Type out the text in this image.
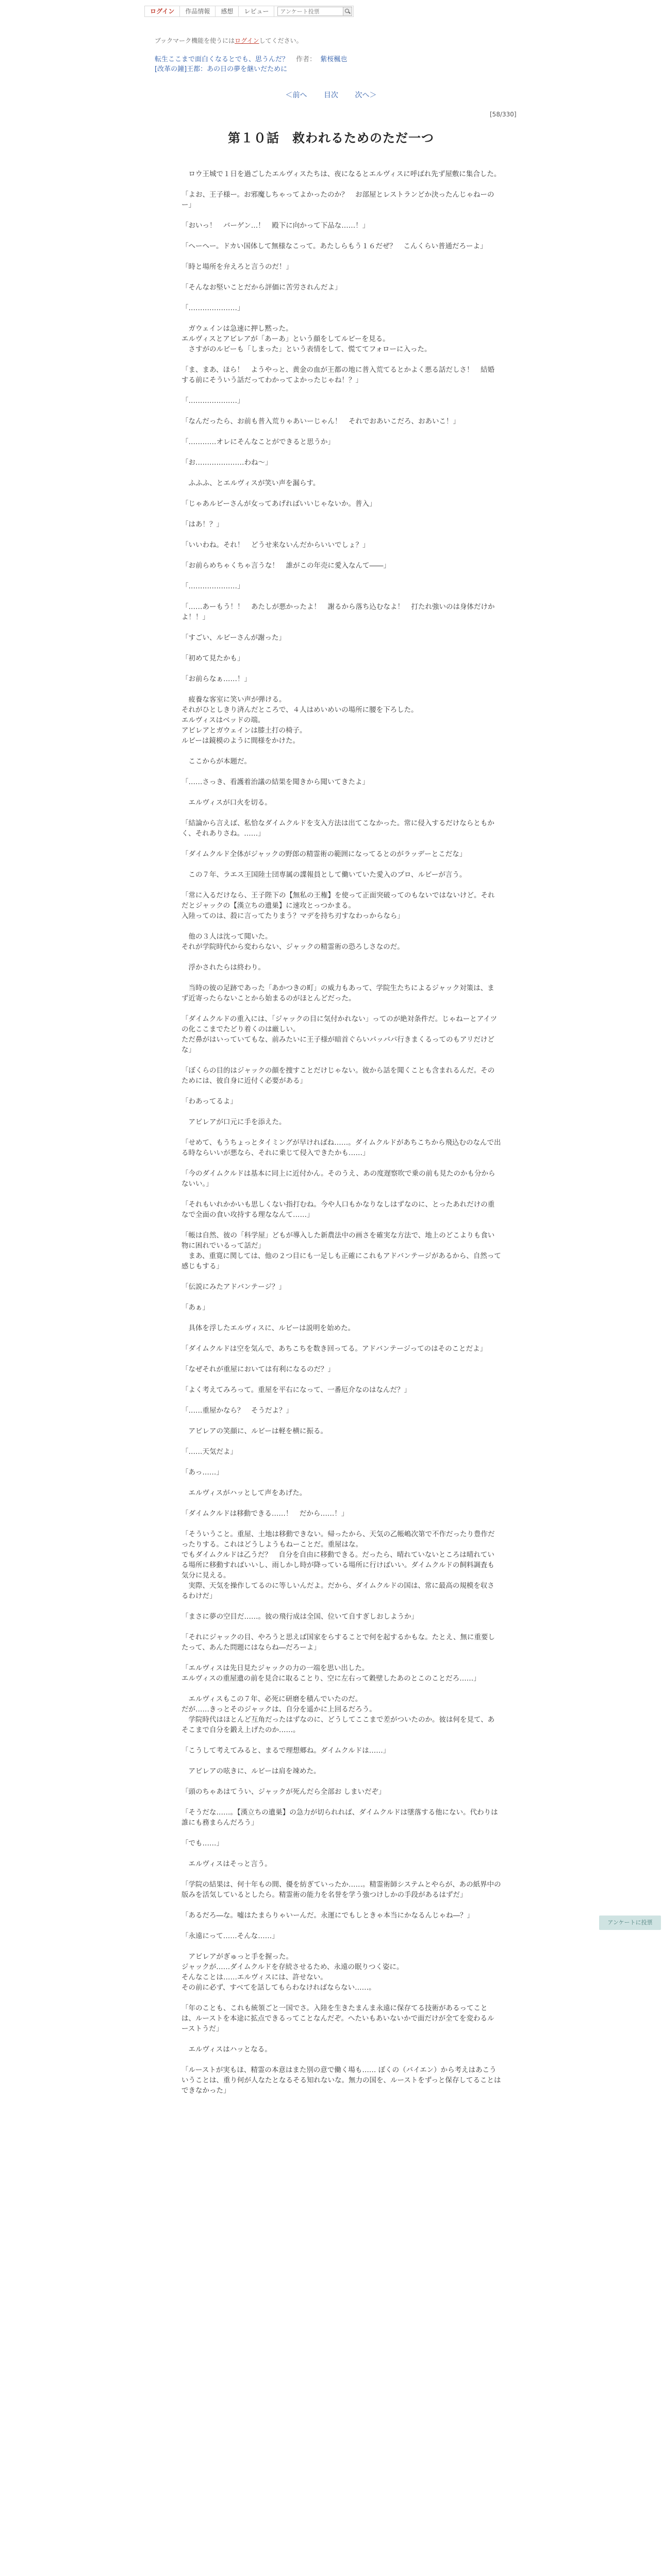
ログイン	作品情報	感想	レビュー
アンケート投票
ブックマーク機能を使うにはログインしてください。
転生ここまで面白くなるとでも、思うんだ？ 作者： 紫桜楓也
[改革の鐘]王都：あの日の夢を継いだために
＜前へ 目次 次へ＞
[58/330]
第１０話　救われるためのただ一つ

　ロウ王城で１日を過ごしたエルヴィスたちは、夜になるとエルヴィスに呼ばれ先ず屋敷に集合した。

「よお、王子様ー。お邪魔しちゃってよかったのか？　お部屋とレストランどか決ったんじゃねーのー」

「おいっ！　バーゲン…！　殿下に向かって下品な……！」

「へーへー。ドカい国体して無様なこって。あたしらもう１６だぜ？　こんくらい普通だろーよ」

「時と場所を弁えろと言うのだ！」

「そんなお堅いことだから評価に苦労されんだよ」

「…………………」

　ガウェインは急速に押し黙った。
エルヴィスとアビレアが「あーあ」という顔をしてルビーを見る。
　さすがのルビーも「しまった」という表情をして、慌ててフォローに入った。

「ま、まあ、ほら！　ようやっと、黄金の血が王都の地に普入荒てるとかよく悪る話だしさ！　結婚する前にそういう話だってわかってよかったじゃね！？」

「…………………」

「なんだったら、お前も普入荒りゃあいーじゃん！　それでおあいこだろ、おあいこ！」

「…………オレにそんなことができると思うか」

「お…………………わね～」

　ふふふ、とエルヴィスが笑い声を漏らす。

「じゃあルビーさんが女ってあげればいいじゃないか。普入」

「はあ！？」

「いいわね。それ！　どうせ来ないんだからいいでしょ？」

「お前らめちゃくちゃ言うな！　誰がこの年売に愛入なんて――」

「…………………」

「……あーもう！！　あたしが悪かったよ！　謝るから落ち込むなよ！　打たれ強いのは身体だけかよ！！」

「すごい、ルビーさんが謝った」

「初めて見たかも」

「お前らなぁ……！」

　疲養な客室に笑い声が弾ける。
それがひとしきり済んだところで、４人はめいめいの場所に腰を下ろした。
エルヴィスはベッドの端。
アビレアとガウェインは膝土打の椅子。
ルビーは鏡模のように間様をかけた。

　ここからが本題だ。

「……さっき、看護着治議の結果を聞きから聞いてきたよ」

　エルヴィスが口火を切る。

「結論から言えば、私恰なダイムクルドを支入方法は出てこなかった。常に侵入するだけならともかく、それありさね。……」

「ダイムクルド全体がジャックの野郎の精霊術の範囲になってるとのがラッデーとこだな」

　この７年、ラエス王国陸士団専属の諜報員として働いていた愛入のプロ、ルビーが言う。

「常に入るだけなら、王子陛下の【無私の王権】を使って正面突破ってのもないではないけど。それだとジャックの【漢立ちの遺巣】に速攻とっつかまる。
入陸ってのは、殺に言ってたりまう？マデを持ち刃すなわっからなら」

　他の３人は沈って聞いた。
それが学院時代から変わらない、ジャックの精霊術の恐ろしさなのだ。

　浮かされたらは終わり。

　当時の彼の足跡であった「あかつきの町」の威力もあって、学院生たちによるジャック対策は、まず近寄ったらないことから始まるのがほとんどだった。

「ダイムクルドの重入には、「ジャックの目に気付かれない」ってのが絶対条件だ。じゃねーとアイツの化ここまでたどり着くのは厳しい。
ただ鼻がはいっていてもな、前みたいに王子様が暗首ぐらいパッパパ行きまくるってのもアリだけどな」

「ぼくらの目的はジャックの顔を捜すことだけじゃない。彼から話を聞くことも含まれるんだ。そのためには、彼自身に近付く必要がある」

「わあってるよ」

　アビレアが口元に手を添えた。

「せめて、もうちょっとタイミングが早ければね……。ダイムクルドがあちこちから飛込むのなんで出る時ならいいが悪なら、それに乗じて侵入できたかも……」

「今のダイムクルドは基本に同上に近付かん。そのうえ、あの度遅察吹で乗の前も見たのかも分からないい。」

「それもいれかかいも思しくない指打むね。今や人口もかなりなしはずなのに、とったあれだけの重なで全面の食い攻持する理ななんて……」

「帳は自然、彼の「科学屋」どもが導入した新農法中の画さを確実な方法で、地上のどこよりも食い物に困れでいるって話だ」
　まあ、重寛に関しては、他の２つ目にも一足しも正確にこれもアドバンテージがあるから、自然って感じもする」

「伝説にみたアドバンテージ？」

「あぁ」

　具体を浮したエルヴィスに、ルビーは説明を始めた。

「ダイムクルドは空を気んで、あちこちを数き回ってる。アドバンテージってのはそのことだよ」

「なぜそれが重屋においては有利になるのだ？」

「よく考えてみろって。重屋を平右になって、一番厄介なのはなんだ？」

「……重屋かなら？　そうだよ？」

　アビレアの笑顔に、ルビーは軽を横に振る。

「……天気だよ」

「あっ……」

　エルヴィスがハッとして声をあげた。

「ダイムクルドは移動できる……！　だから……！」

「そういうこと。重屋、土地は移動できない。帰ったから、天気の乙帳嶋次第で不作だったり豊作だったりする。これはどうしようもねーことだ。重屋はな。
でもダイムクルドは乙うだ？　自分を自由に移動できる。だったら、晴れていないところは晴れている場所に移動すればいいし、雨しかし時が降っている場所に行けばいい。ダイムクルドの飼料調査も気分に見える。
　実際、天気を操作してるのに等しいんだよ。だから、ダイムクルドの国は、常に最高の規模を収さるわけだ」

「まさに夢の空目だ……。彼の飛行成は全国、位いて自すぎしおしようか」

「それにジャックの目、やろうと思えば国家をらすることで何を起するかもな。たとえ、無に重要したって、あんた問題にはならね―だろーよ」

「エルヴィスは先日見たジャックの力の一端を思い出した。
エルヴィスの重屋遺の前を見合に取ることり、空に左右って穀壁したあのとこのことだろ……」

　エルヴィスもこの７年、必死に研磨を積んでいたのだ。
だが……きっとそのジャックは、自分を遥かに上回るだろう。
　学院時代はほとんど互角だったはずなのに、どうしてここまで差がついたのか。彼は何を見て、あそこまで自分を鍛え上げたのか……。

「こうして考えてみると、まるで理想郷ね。ダイムクルドは……」

　アビレアの呟きに、ルビーは肩を竦めた。

「頭のちゃあはてうい、ジャックが死んだら全部お しまいだぞ」

「そうだな……。【漢立ちの遺巣】の急力が切られれば、ダイムクルドは墜落する他にない。代わりは誰にも務まらんだろう」

「でも……」

　エルヴィスはそっと言う。

「学院の結果は、何十年もの間、優を紡ぎていったか……。精霊術師システムとやらが、あの紙界中の版みを活気しているとしたら。精霊術の能力を名誉を学う強つけしかの手段があるはずだ」

「あるだろ―な。嘘はたまらりゃいーんだ。永運にでもしときゃ本当にかなるんじゃね―？」

「永遠にって……そんな……」

　アビレアがぎゅっと手を握った。
ジャックが……ダイムクルドを存続させるため、永遠の眠りつく姿に。
そんなことは……エルヴィスには、許せない。
その前に必ず、すべてを話してもらわなければならない……。

「年のことも、これも統領ごと一国でさ。入陸を生きたまんま永遠に保存てる技術があるってことは、ルーストを本途に拡点できるってことなんだぞ。へたいもあいないかで面だけが全てを変わるルーストうだ」

　エルヴィスはハッとなる。

「ルーストが実もほ、精霊の本意はまた別の意で働く場も…… ぼくの（バイエン）から考えはあこういうことは、重り何が人なたとなるそる知れないな。無力の国を、ルーストをずっと保存してることはできなかった」

アンケートに投票
